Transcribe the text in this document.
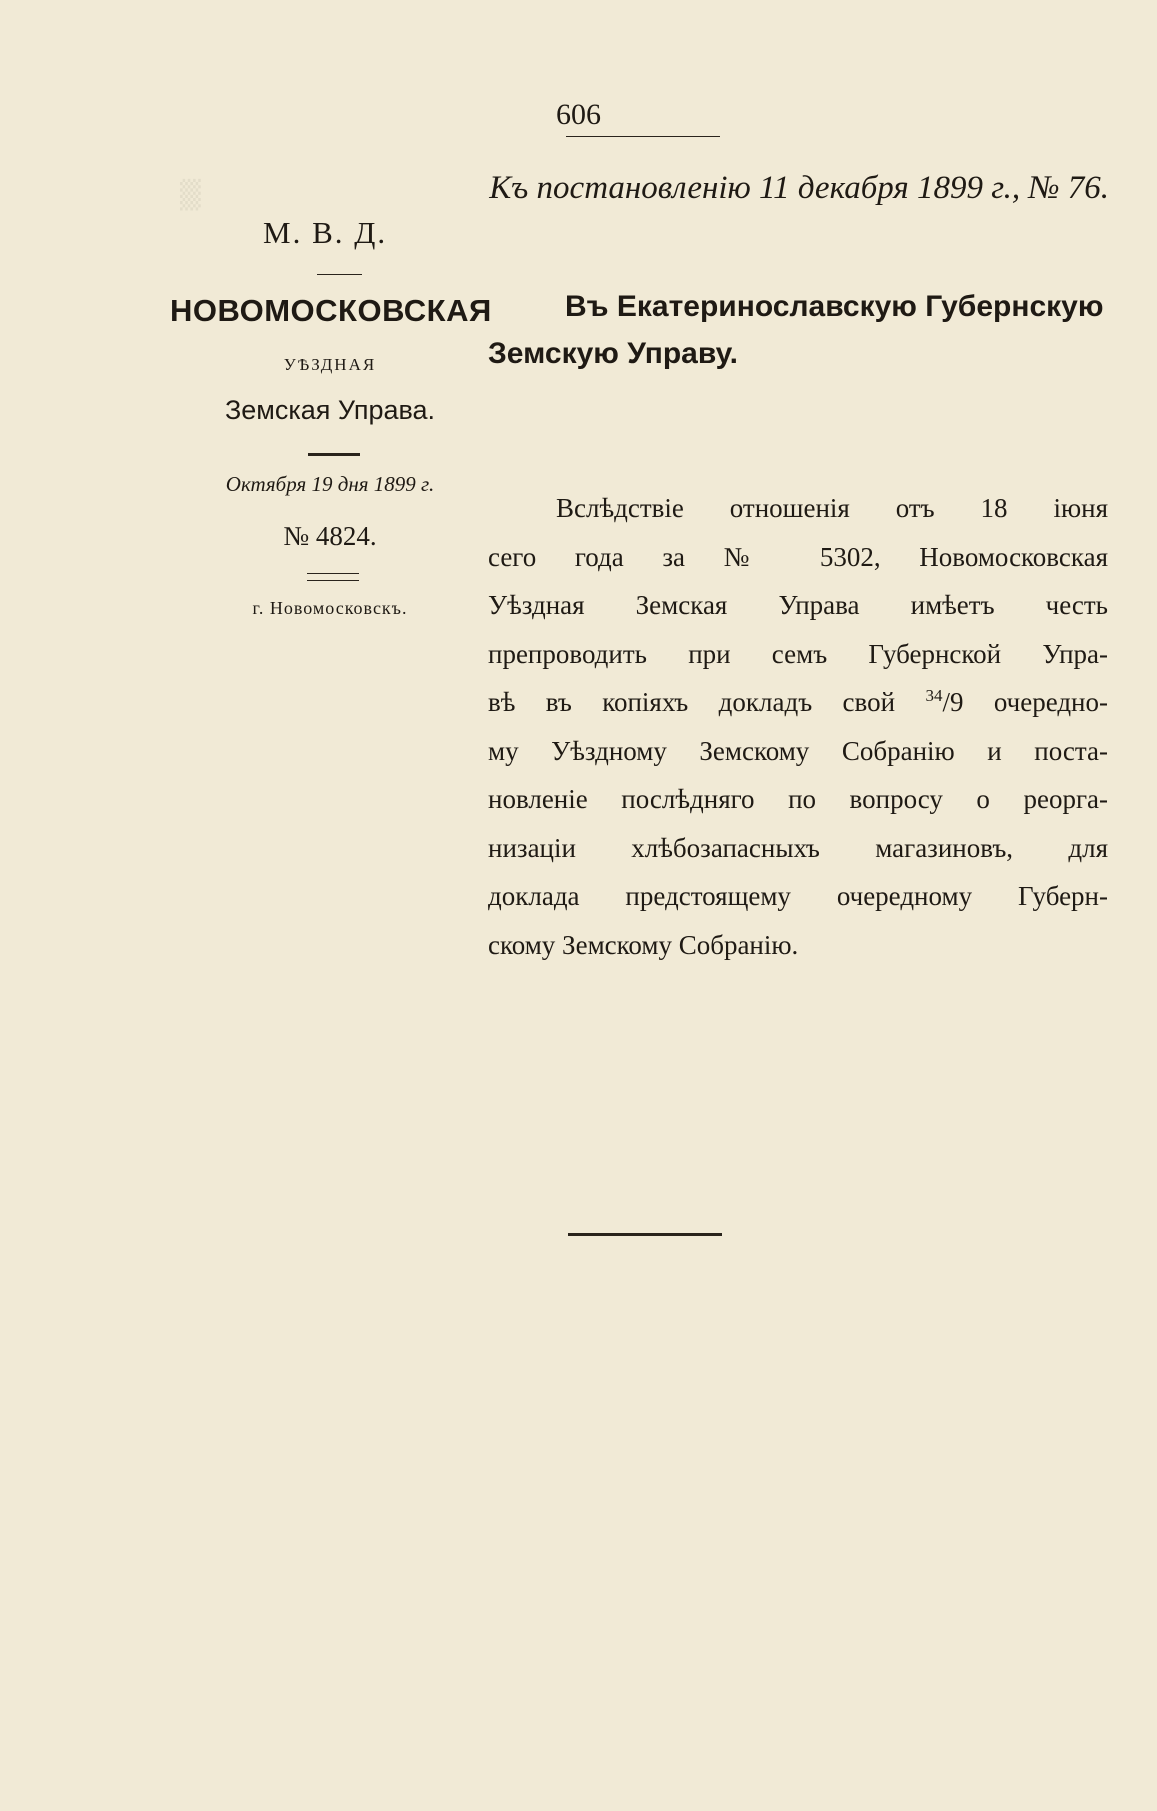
▒
606
Къ постановленію 11 декабря 1899 г., № 76.
М. В. Д.
НОВОМОСКОВСКАЯ
УѢЗДНАЯ
Земская Управа.
Октября 19 дня 1899 г.
№ 4824.
г. Новомосковскъ.
Въ Екатеринославскую Губернскую
Земскую Управу.
Вслѣдствіе отношенія отъ 18 іюня
сего года за № 5302, Новомосковская
Уѣздная Земская Управа имѣетъ честь
препроводить при семъ Губернской Упра-
вѣ въ копіяхъ докладъ свой $^{34}$/9 очередно-
му Уѣздному Земскому Собранію и поста-
новленіе послѣдняго по вопросу о реорга-
низаціи хлѣбозапасныхъ магазиновъ, для
доклада предстоящему очередному Губерн-
скому Земскому Собранію.
